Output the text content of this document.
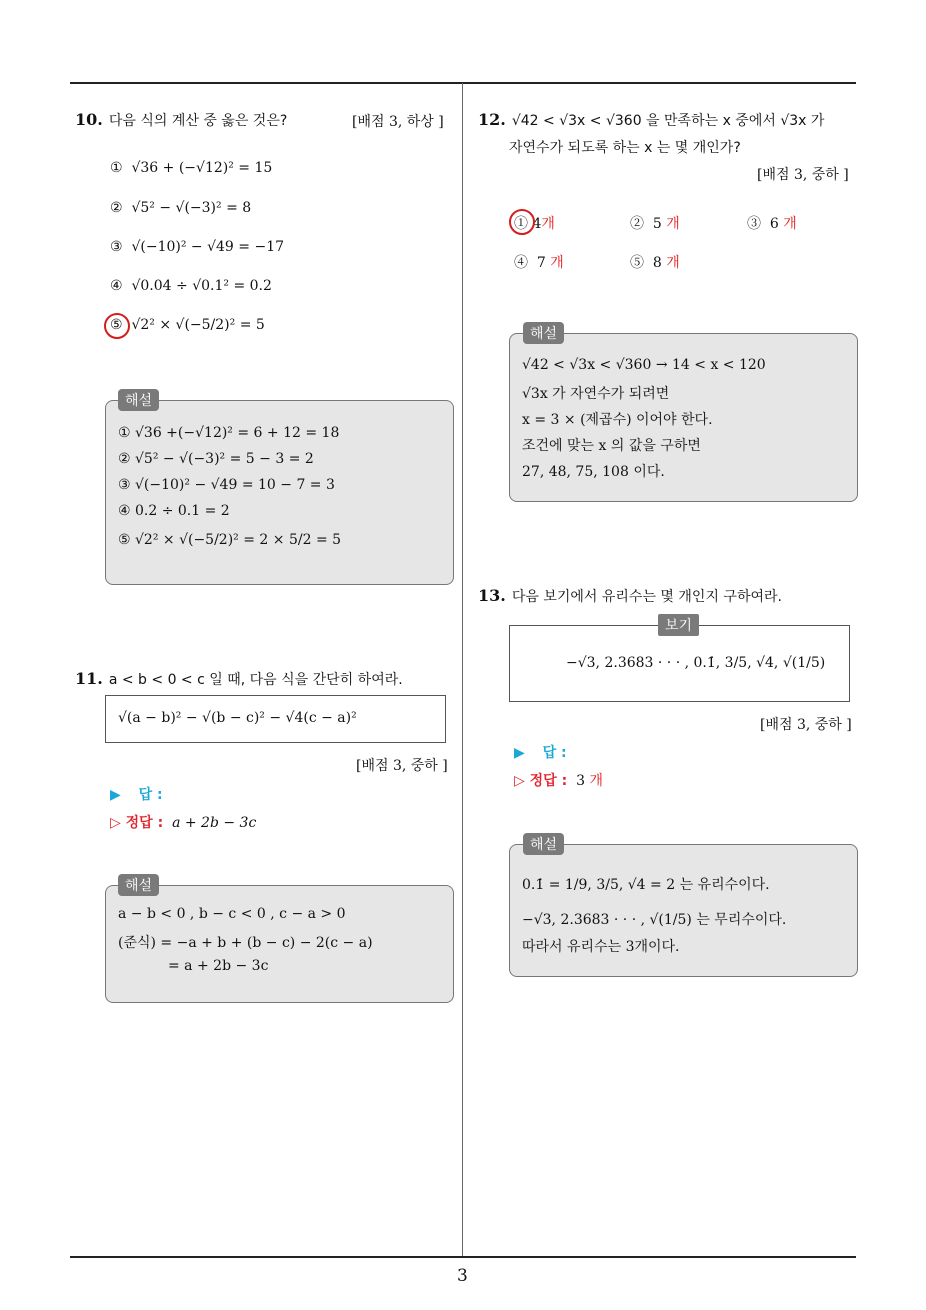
3
10. 다음 식의 계산 중 옳은 것은?	[배점 3, 하상 ]
① √36 + (−√12)² = 15
② √5² − √(−3)² = 8
③ √(−10)² − √49 = −17
④ √0.04 ÷ √0.1² = 0.2
⑤ √2² × √(−5/2)² = 5
해설
① √36 +(−√12)² = 6 + 12 = 18
② √5² − √(−3)² = 5 − 3 = 2
③ √(−10)² − √49 = 10 − 7 = 3
④ 0.2 ÷ 0.1 = 2
⑤ √2² × √(−5/2)² = 2 × 5/2 = 5
11. a < b < 0 < c 일 때, 다음 식을 간단히 하여라.
√(a − b)² − √(b − c)² − √4(c − a)²
[배점 3, 중하 ]
▶ 답 :
▷ 정답 : a + 2b − 3c
해설
a − b < 0 , b − c < 0 , c − a > 0
(준식) = −a + b + (b − c) − 2(c − a)
= a + 2b − 3c
12. √42 < √3x < √360 을 만족하는 x 중에서 √3x 가
자연수가 되도록 하는 x 는 몇 개인가?
[배점 3, 중하 ]
① 4개	② 5 개	③ 6 개
④ 7 개	⑤ 8 개
해설
√42 < √3x < √360 → 14 < x < 120
√3x 가 자연수가 되려면
x = 3 × (제곱수) 이어야 한다.
조건에 맞는 x 의 값을 구하면
27, 48, 75, 108 이다.
13. 다음 보기에서 유리수는 몇 개인지 구하여라.
보기
−√3, 2.3683 · · · , 0.1̇, 3/5, √4, √(1/5)
[배점 3, 중하 ]
▶ 답 :
▷ 정답 : 3 개
해설
0.1̇ = 1/9, 3/5, √4 = 2 는 유리수이다.
−√3, 2.3683 · · · , √(1/5) 는 무리수이다.
따라서 유리수는 3개이다.
